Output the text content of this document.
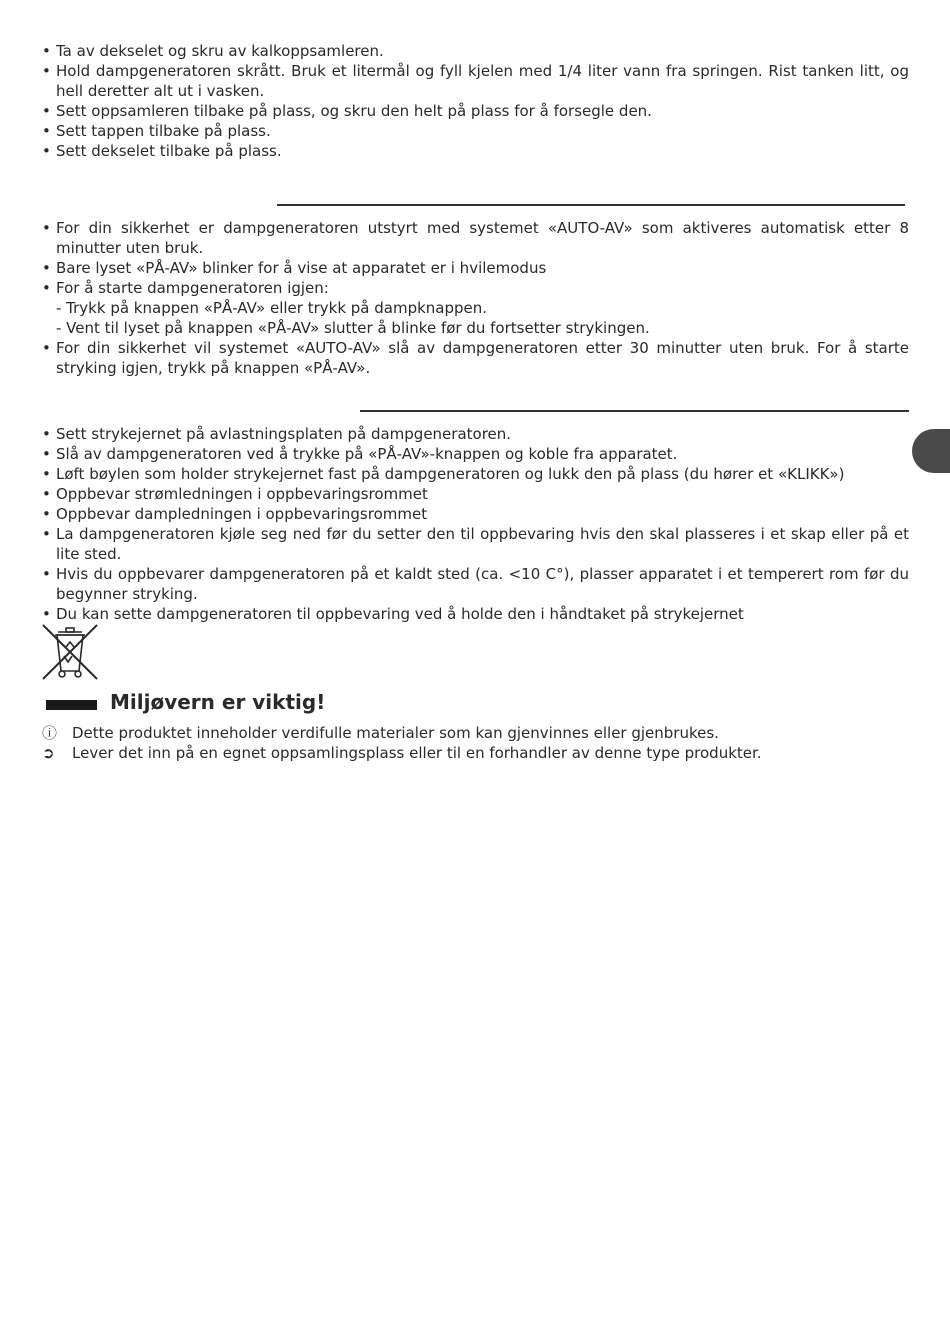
• Ta av dekselet og skru av kalkoppsamleren.
• Hold dampgeneratoren skrått. Bruk et litermål og fyll kjelen med 1/4 liter vann fra springen. Rist tanken litt, og hell deretter alt ut i vasken.
• Sett oppsamleren tilbake på plass, og skru den helt på plass for å forsegle den.
• Sett tappen tilbake på plass.
• Sett dekselet tilbake på plass.
• For din sikkerhet er dampgeneratoren utstyrt med systemet «AUTO-AV» som aktiveres automatisk etter 8 minutter uten bruk.
• Bare lyset «PÅ-AV» blinker for å vise at apparatet er i hvilemodus
• For å starte dampgeneratoren igjen:
- Trykk på knappen «PÅ-AV» eller trykk på dampknappen.
- Vent til lyset på knappen «PÅ-AV» slutter å blinke før du fortsetter strykingen.
• For din sikkerhet vil systemet «AUTO-AV» slå av dampgeneratoren etter 30 minutter uten bruk. For å starte stryking igjen, trykk på knappen «PÅ-AV».
• Sett strykejernet på avlastningsplaten på dampgeneratoren.
• Slå av dampgeneratoren ved å trykke på «PÅ-AV»-knappen og koble fra apparatet.
• Løft bøylen som holder strykejernet fast på dampgeneratoren og lukk den på plass (du hører et «KLIKK»)
• Oppbevar strømledningen i oppbevaringsrommet
• Oppbevar dampledningen i oppbevaringsrommet
• La dampgeneratoren kjøle seg ned før du setter den til oppbevaring hvis den skal plasseres i et skap eller på et lite sted.
• Hvis du oppbevarer dampgeneratoren på et kaldt sted (ca. <10 C°), plasser apparatet i et temperert rom før du begynner stryking.
• Du kan sette dampgeneratoren til oppbevaring ved å holde den i håndtaket på strykejernet
Miljøvern er viktig!
ⓘ Dette produktet inneholder verdifulle materialer som kan gjenvinnes eller gjenbrukes.
➲	Lever det inn på en egnet oppsamlingsplass eller til en forhandler av denne type produkter.
